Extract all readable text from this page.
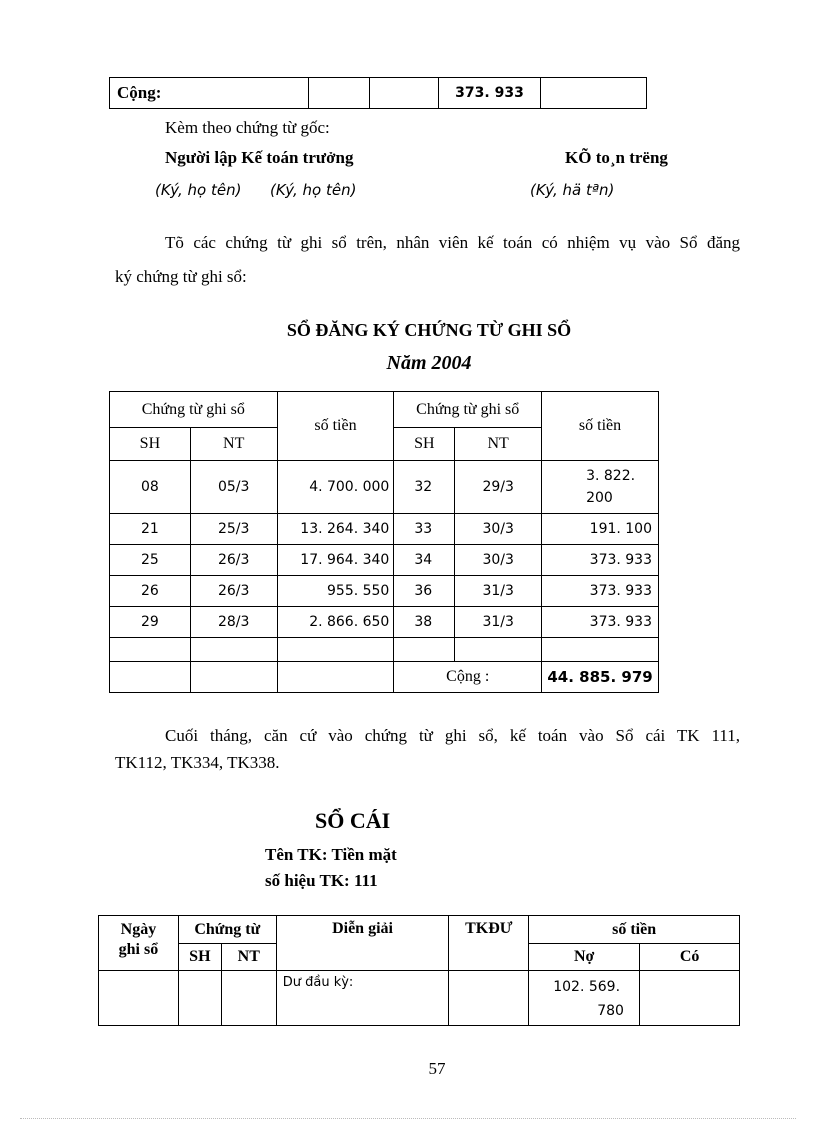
Cộng:			373. 933	
Kèm theo chứng từ gốc:
Người lập Kế toán trưởng	KÕ to¸n trëng
(Ký, họ tên) (Ký, họ tên)	(Ký, hä tªn)
Tõ các chứng từ ghi sổ trên, nhân viên kế toán có nhiệm vụ vào Sổ đăng
ký chứng từ ghi sổ:
SỔ ĐĂNG KÝ CHỨNG TỪ GHI SỔ
Năm 2004
Chứng từ ghi sổ		số tiền	Chứng từ ghi sổ		số tiền
SH	NT		SH	NT	
08	05/3	4. 700. 000	32	29/3	3. 822.
200
21	25/3	13. 264. 340	33	30/3	191. 100
25	26/3	17. 964. 340	34	30/3	373. 933
26	26/3	955. 550	36	31/3	373. 933
29	28/3	2. 866. 650	38	31/3	373. 933

			Cộng :		44. 885. 979
Cuối tháng, căn cứ vào chứng từ ghi sổ, kế toán vào Sổ cái TK 111,
TK112, TK334, TK338.
SỔ CÁI
Tên TK: Tiền mặt
số hiệu TK: 111
Ngày
ghi sổ	Chứng từ		Diễn giải	TKĐƯ	số tiền	
	SH	NT			Nợ	Có
			Dư đầu kỳ:		102. 569.
780	
57
